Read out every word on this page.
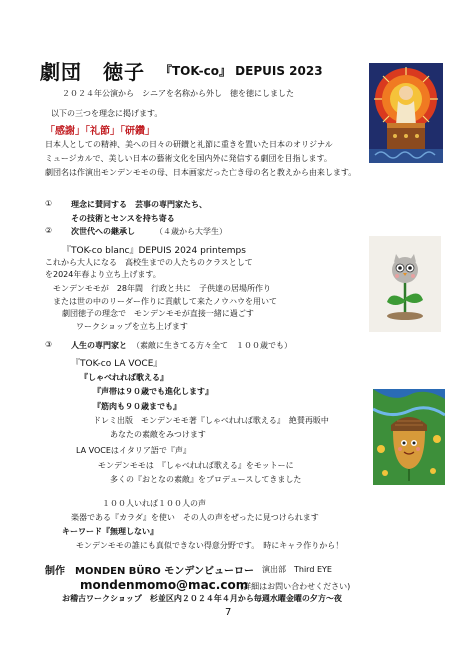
劇団　徳子 『TOK-co』 DEPUIS 2023
２０２４年公演から　シニアを名称から外し　徳を徳にしました
以下の三つを理念に掲げます。
「感謝」「礼節」「研鑽」
日本人としての精神、美への日々の研鑽と礼節に重きを置いた日本のオリジナル
ミュージカルで、美しい日本の藝術文化を国内外に発信する劇団を目指します。
劇団名は作演出モンデンモモの母、日本画家だった亡き母の名と教えから由来します。
① 理念に賛同する　芸事の専門家たち、
その技術とセンスを持ち寄る
② 次世代への継承し	（４歳から大学生）
『TOK-co blanc』DEPUIS 2024 printemps
これから大人になる　高校生までの人たちのクラスとして
を2024年春より立ち上げます。
モンデンモモが　28年間　行政と共に　子供達の居場所作り
または世の中のリーダー作りに貢献して来たノウハウを用いて
劇団徳子の理念で　モンデンモモが直接一緒に過ごす
ワークショップを立ち上げます
③ 人生の専門家と （素敵に生きてる方々全て　１００歳でも）
『TOK-co LA VOCE』
『しゃべれれば歌える』
『声帯は９０歳でも進化します』
『筋肉も９０歳までも』
ドレミ出版　モンデンモモ著『しゃべれれば歌える』　絶賛再販中
あなたの素敵をみつけます
LA VOCEはイタリア語で『声』
モンデンモモは　『しゃべれれば歌える』をモットーに
多くの『おとなの素敵』をプロデュースしてきました
１００人いれば１００人の声
楽器である『カラダ』を使い　その人の声をぜったに見つけられます
キーワード『無理しない』
モンデンモモの誰にも真似できない得意分野です。　時にキャラ作りから！
制作　MONDEN BÜRO モンデンビューロー 演出部　Third EYE
mondenmomo@mac.com
(詳細はお問い合わせください)
お稽古ワークショップ　杉並区内２０２４年４月から毎週水曜金曜の夕方〜夜
7
